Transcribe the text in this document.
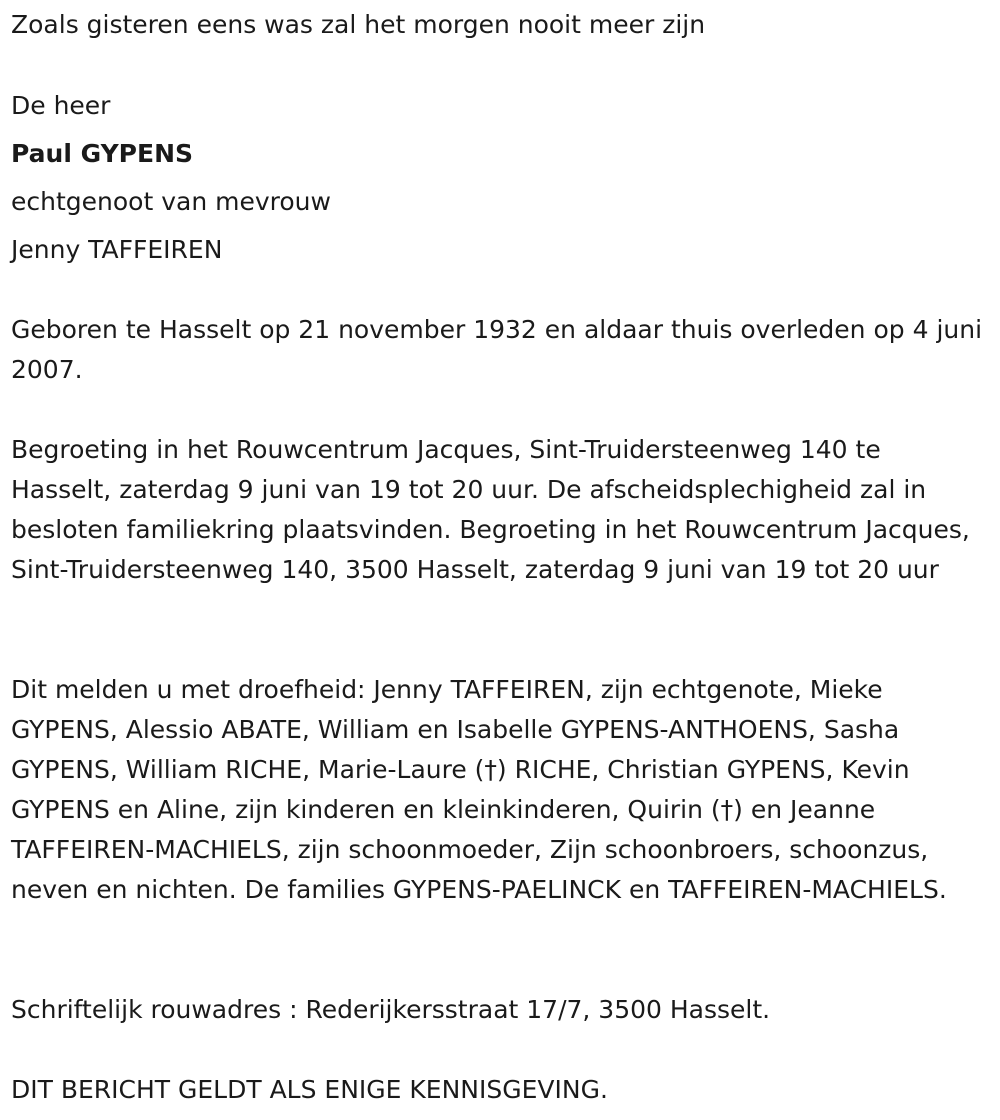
Zoals gisteren eens was zal het morgen nooit meer zijn

De heer

Paul GYPENS

echtgenoot van mevrouw

Jenny TAFFEIREN

Geboren te Hasselt op 21 november 1932 en aldaar thuis overleden op 4 juni 2007.

Begroeting in het Rouwcentrum Jacques, Sint-Truidersteenweg 140 te Hasselt, zaterdag 9 juni van 19 tot 20 uur. De afscheidsplechigheid zal in besloten familiekring plaatsvinden. Begroeting in het Rouwcentrum Jacques, Sint-Truidersteenweg 140, 3500 Hasselt, zaterdag 9 juni van 19 tot 20 uur

Dit melden u met droefheid: Jenny TAFFEIREN, zijn echtgenote, Mieke GYPENS, Alessio ABATE, William en Isabelle GYPENS-ANTHOENS, Sasha GYPENS, William RICHE, Marie-Laure (†) RICHE, Christian GYPENS, Kevin GYPENS en Aline, zijn kinderen en kleinkinderen, Quirin (†) en Jeanne TAFFEIREN-MACHIELS, zijn schoonmoeder, Zijn schoonbroers, schoonzus, neven en nichten. De families GYPENS-PAELINCK en TAFFEIREN-MACHIELS.

Schriftelijk rouwadres : Rederijkersstraat 17/7, 3500 Hasselt.

DIT BERICHT GELDT ALS ENIGE KENNISGEVING.
